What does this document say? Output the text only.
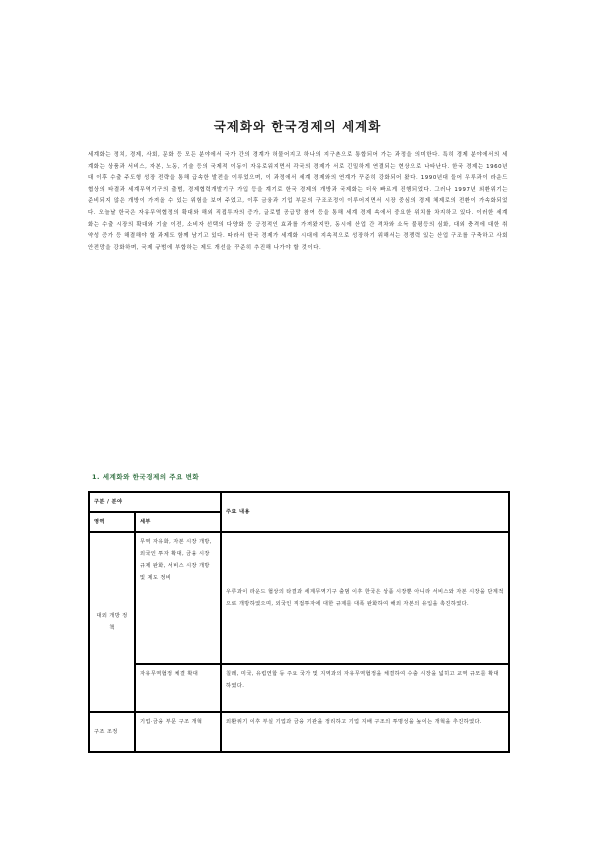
국제화와 한국경제의 세계화
세계화는 정치, 경제, 사회, 문화 등 모든 분야에서 국가 간의 경계가 허물어지고 하나의 지구촌으로 통합되어 가는 과정을 의미한다. 특히 경제 분야에서의 세계화는 상품과 서비스, 자본, 노동, 기술 등의 국제적 이동이 자유로워지면서 각국의 경제가 서로 긴밀하게 연결되는 현상으로 나타난다. 한국 경제는 1960년대 이후 수출 주도형 성장 전략을 통해 급속한 발전을 이루었으며, 이 과정에서 세계 경제와의 연계가 꾸준히 강화되어 왔다. 1990년대 들어 우루과이 라운드 협상의 타결과 세계무역기구의 출범, 경제협력개발기구 가입 등을 계기로 한국 경제의 개방과 국제화는 더욱 빠르게 진행되었다. 그러나 1997년 외환위기는 준비되지 않은 개방이 가져올 수 있는 위험을 보여 주었고, 이후 금융과 기업 부문의 구조조정이 이루어지면서 시장 중심의 경제 체제로의 전환이 가속화되었다. 오늘날 한국은 자유무역협정의 확대와 해외 직접투자의 증가, 글로벌 공급망 참여 등을 통해 세계 경제 속에서 중요한 위치를 차지하고 있다. 이러한 세계화는 수출 시장의 확대와 기술 이전, 소비자 선택의 다양화 등 긍정적인 효과를 가져왔지만, 동시에 산업 간 격차와 소득 불평등의 심화, 대외 충격에 대한 취약성 증가 등 해결해야 할 과제도 함께 남기고 있다. 따라서 한국 경제가 세계화 시대에 지속적으로 성장하기 위해서는 경쟁력 있는 산업 구조를 구축하고 사회 안전망을 강화하며, 국제 규범에 부합하는 제도 개선을 꾸준히 추진해 나가야 할 것이다.
1. 세계화와 한국경제의 주요 변화
구분 / 분야		주요 내용
영역	세부	
대외 개방 정책	무역 자유화, 자본 시장 개방, 외국인 투자 확대, 금융 시장 규제 완화, 서비스 시장 개방 및 제도 정비	우루과이 라운드 협상의 타결과 세계무역기구 출범 이후 한국은 상품 시장뿐 아니라 서비스와 자본 시장을 단계적으로 개방하였으며, 외국인 직접투자에 대한 규제를 대폭 완화하여 해외 자본의 유입을 촉진하였다.
	자유무역협정 체결 확대	칠레, 미국, 유럽연합 등 주요 국가 및 지역과의 자유무역협정을 체결하여 수출 시장을 넓히고 교역 규모를 확대하였다.
구조 조정	기업·금융 부문 구조 개혁	외환위기 이후 부실 기업과 금융 기관을 정리하고 기업 지배 구조의 투명성을 높이는 개혁을 추진하였다.
